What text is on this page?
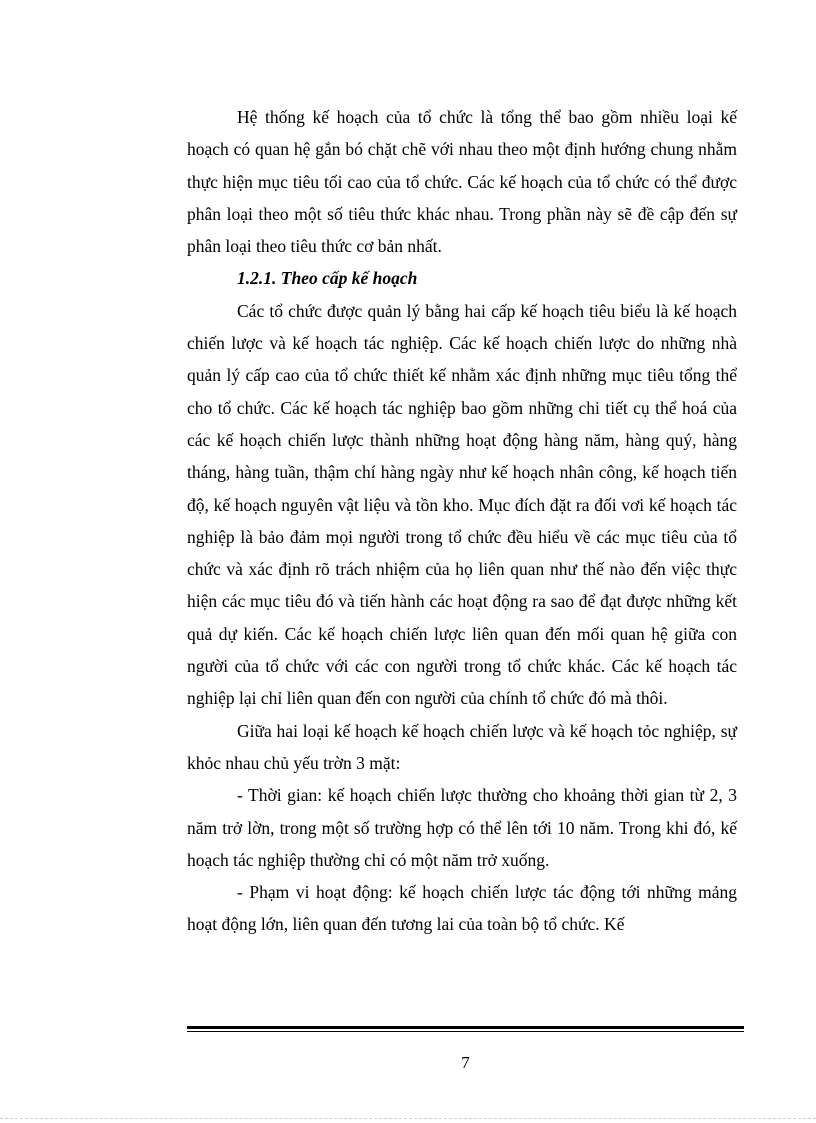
Hệ thống kế hoạch của tổ chức là tổng thể bao gồm nhiều loại kế hoạch có quan hệ gắn bó chặt chẽ với nhau theo một định hướng chung nhằm thực hiện mục tiêu tối cao của tổ chức. Các kế hoạch của tổ chức có thể được phân loại theo một số tiêu thức khác nhau. Trong phần này sẽ đề cập đến sự phân loại theo tiêu thức cơ bản nhất.

1.2.1. Theo cấp kế hoạch

Các tổ chức được quản lý bằng hai cấp kế hoạch tiêu biểu là kế hoạch chiến lược và kế hoạch tác nghiệp. Các kế hoạch chiến lược do những nhà quản lý cấp cao của tổ chức thiết kế nhằm xác định những mục tiêu tổng thể cho tổ chức. Các kế hoạch tác nghiệp bao gồm những chi tiết cụ thể hoá của các kế hoạch chiến lược thành những hoạt động hàng năm, hàng quý, hàng tháng, hàng tuần, thậm chí hàng ngày như kế hoạch nhân công, kế hoạch tiến độ, kế hoạch nguyên vật liệu và tồn kho. Mục đích đặt ra đối vơi kế hoạch tác nghiệp là bảo đảm mọi người trong tổ chức đều hiểu về các mục tiêu của tổ chức và xác định rõ trách nhiệm của họ liên quan như thế nào đến việc thực hiện các mục tiêu đó và tiến hành các hoạt động ra sao để đạt được những kết quả dự kiến. Các kế hoạch chiến lược liên quan đến mối quan hệ giữa con người của tổ chức với các con người trong tổ chức khác. Các kế hoạch tác nghiệp lại chỉ liên quan đến con người của chính tổ chức đó mà thôi.

Giữa hai loại kế hoạch kế hoạch chiến lược và kế hoạch tỏc nghiệp, sự khỏc nhau chủ yếu trờn 3 mặt:

- Thời gian: kế hoạch chiến lược thường cho khoảng thời gian từ 2, 3 năm trở lờn, trong một số trường hợp có thể lên tới 10 năm. Trong khi đó, kế hoạch tác nghiệp thường chỉ có một năm trở xuống.

- Phạm vi hoạt động: kế hoạch chiến lược tác động tới những mảng hoạt động lớn, liên quan đến tương lai của toàn bộ tổ chức. Kế

7
